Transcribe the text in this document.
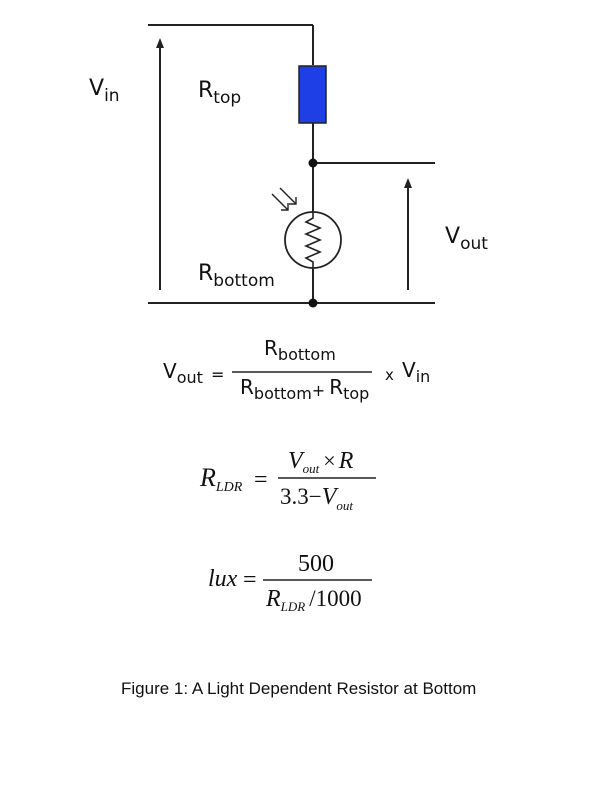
Vin	Rtop
Rbottom
Vout
Vout =
Rbottom
Rbottom+ Rtop
x Vin
RLDR =
$V_{out} \times R$
$3.3-V_{out}$
lux =
500
$R_{LDR}$ /1000
Figure 1: A Light Dependent Resistor at Bottom
